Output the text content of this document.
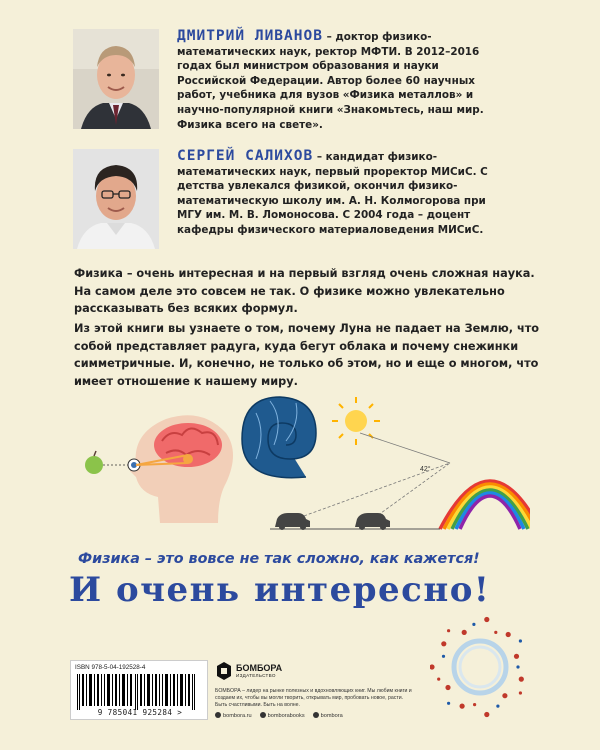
ДМИТРИЙ ЛИВАНОВ – доктор физико-математических наук, ректор МФТИ. В 2012–2016 годах был министром образования и науки Российской Федерации. Автор более 60 научных работ, учебника для вузов «Физика металлов» и научно-популярной книги «Знакомьтесь, наш мир. Физика всего на свете».
СЕРГЕЙ САЛИХОВ – кандидат физико-математических наук, первый проректор МИСиС. С детства увлекался физикой, окончил физико-математическую школу им. А. Н. Колмогорова при МГУ им. М. В. Ломоносова. С 2004 года – доцент кафедры физического материаловедения МИСиС.

Физика – очень интересная и на первый взгляд очень сложная наука. На самом деле это совсем не так. О физике можно увлекательно рассказывать без всяких формул.

Из этой книги вы узнаете о том, почему Луна не падает на Землю, что собой представляет радуга, куда бегут облака и почему снежинки симметричные. И, конечно, не только об этом, но и еще о многом, что имеет отношение к нашему миру.

42°
Физика – это вовсе не так сложно, как кажется!
И очень интересно!
ISBN 978-5-04-192528-4
9 785041 925284 >
БОМБОРА
ИЗДАТЕЛЬСТВО
БОМБОРА – лидер на рынке полезных и вдохновляющих книг. Мы любим книги и создаем их, чтобы вы могли творить, открывать мир, пробовать новое, расти. Быть счастливыми. Быть на волне.
bombora.ru	bomborabooks	bombora
